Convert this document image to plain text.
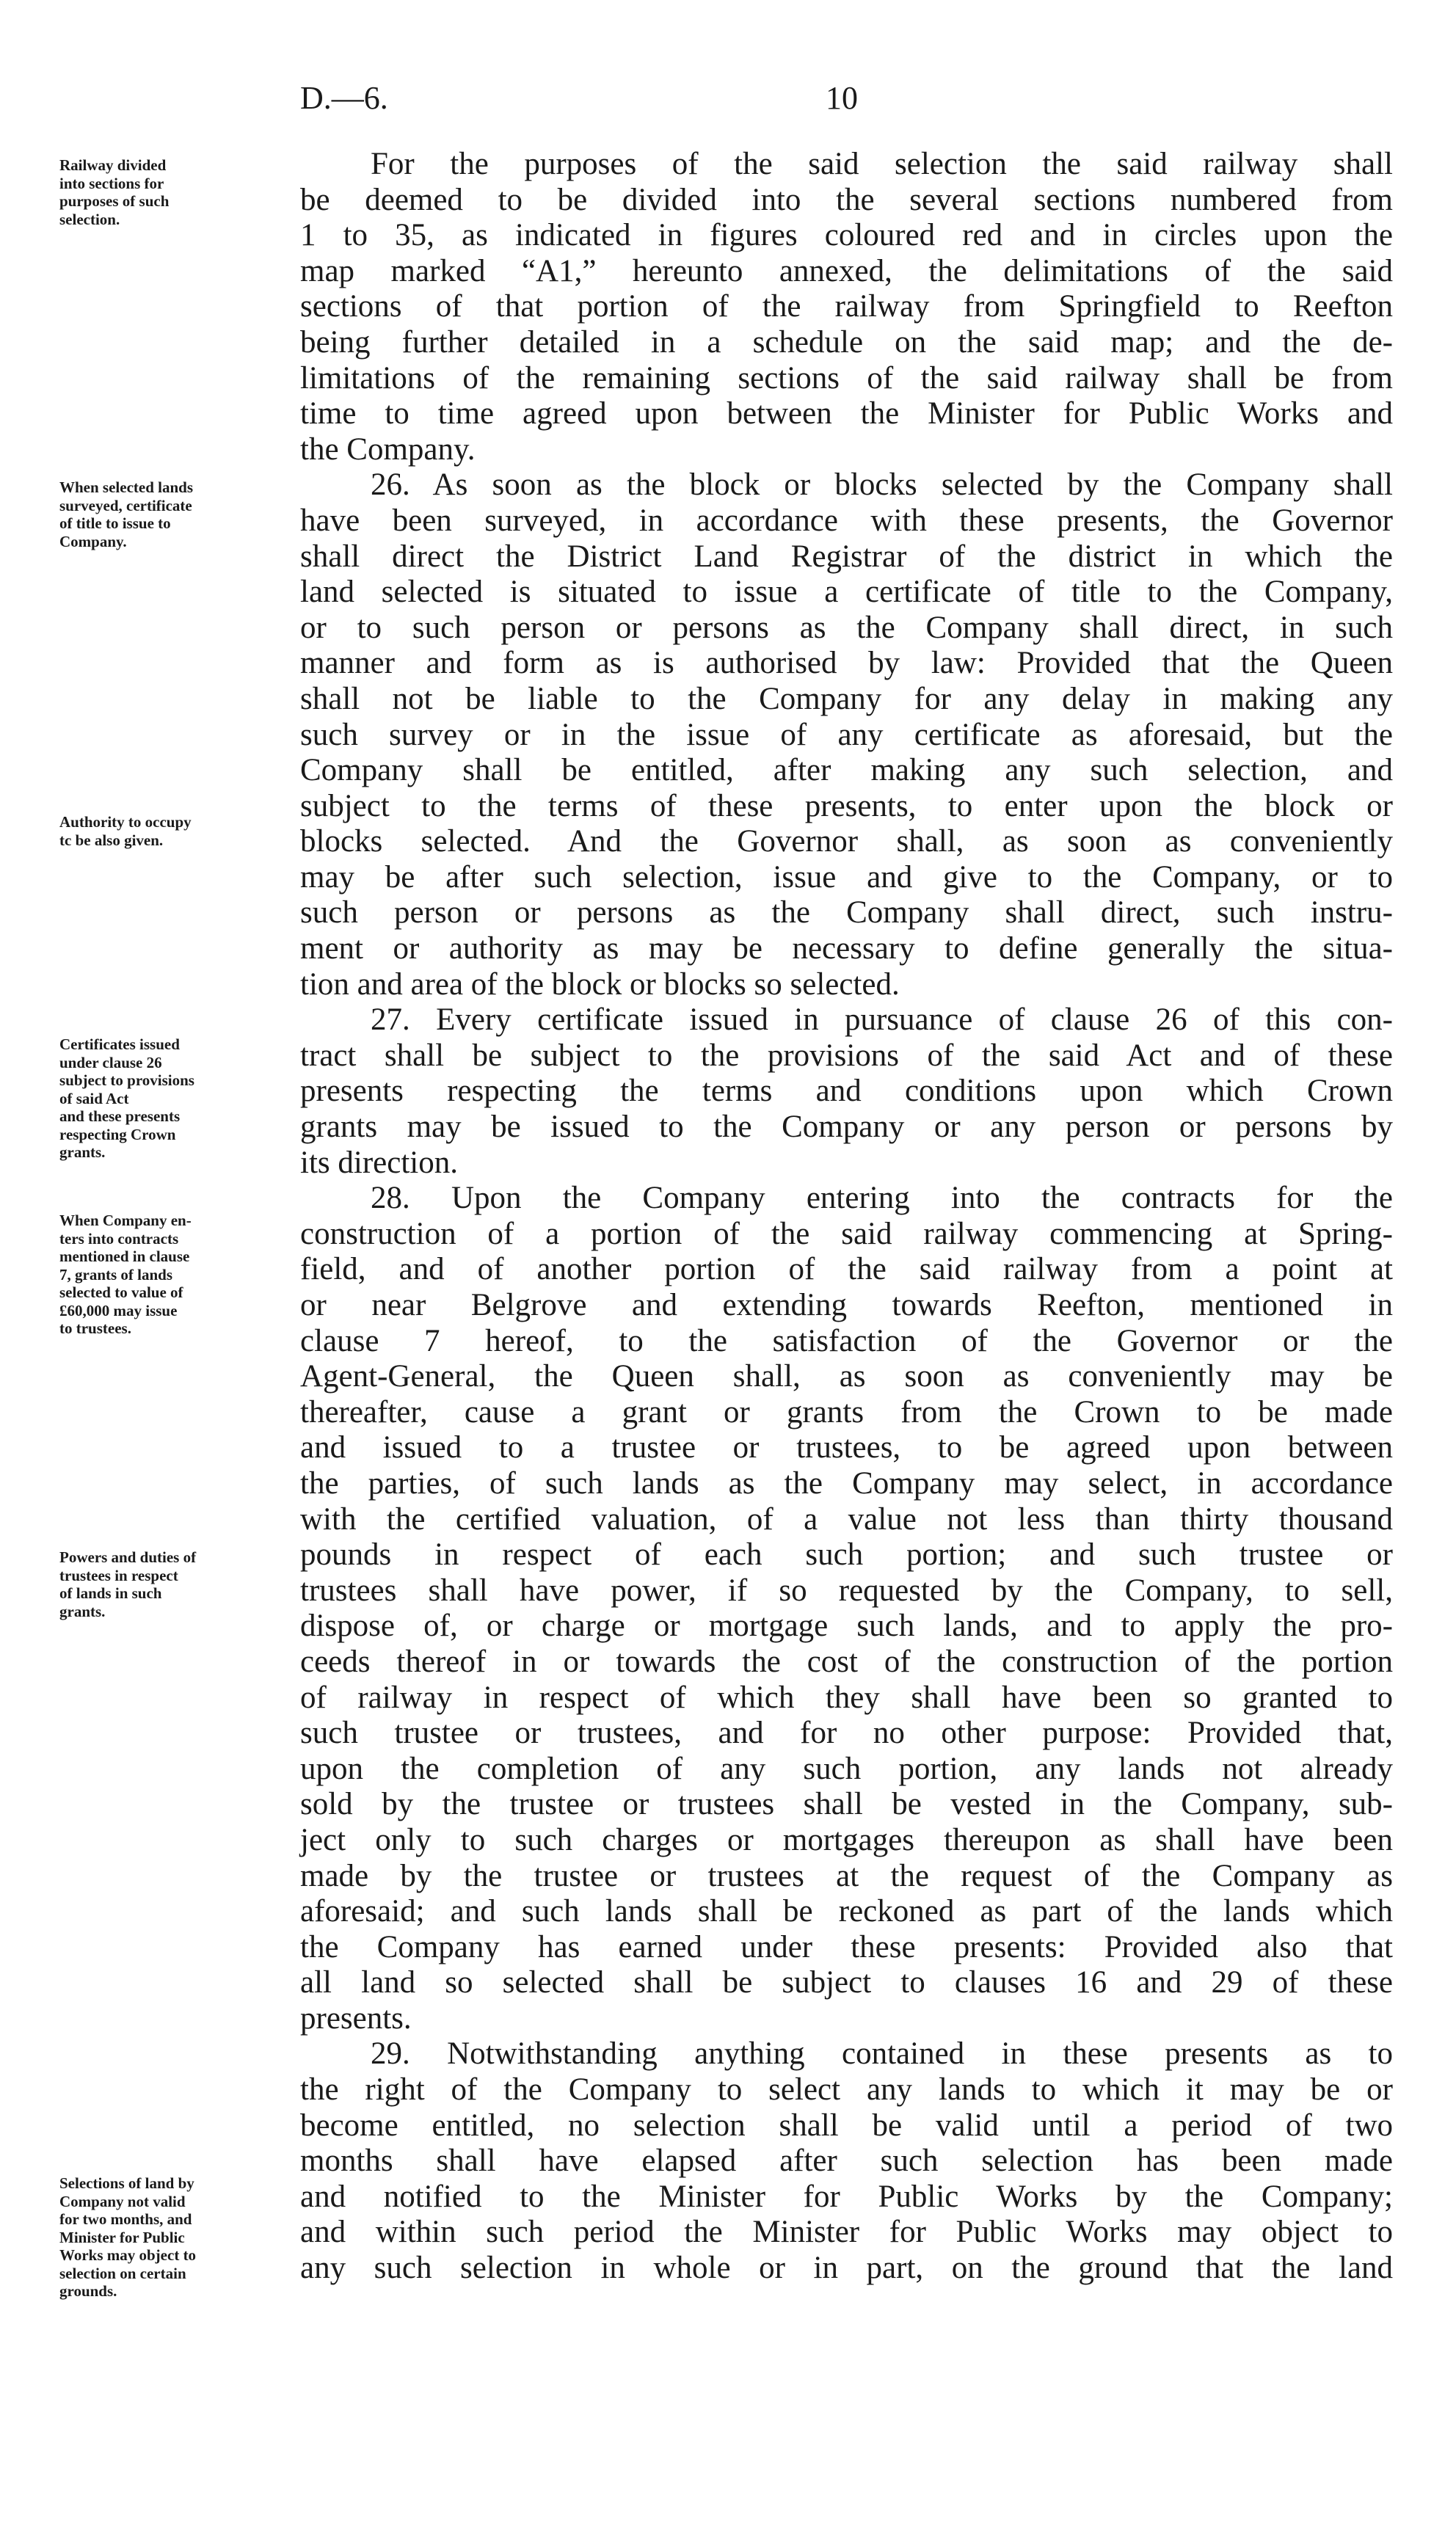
D.—6.	10
Railway divided
into sections for
purposes of such
selection.
When selected lands
surveyed, certificate
of title to issue to
Company.
Authority to occupy
tc be also given.
Certificates issued
under clause 26
subject to provisions
of said Act
and these presents
respecting Crown
grants.
When Company en-
ters into contracts
mentioned in clause
7, grants of lands
selected to value of
£60,000 may issue
to trustees.
Powers and duties of
trustees in respect
of lands in such
grants.
Selections of land by
Company not valid
for two months, and
Minister for Public
Works may object to
selection on certain
grounds.
For the purposes of the said selection the said railway shall
be deemed to be divided into the several sections numbered from
1 to 35, as indicated in figures coloured red and in circles upon the
map marked “A1,” hereunto annexed, the delimitations of the said
sections of that portion of the railway from Springfield to Reefton
being further detailed in a schedule on the said map; and the de-
limitations of the remaining sections of the said railway shall be from
time to time agreed upon between the Minister for Public Works and
the Company.
26. As soon as the block or blocks selected by the Company shall
have been surveyed, in accordance with these presents, the Governor
shall direct the District Land Registrar of the district in which the
land selected is situated to issue a certificate of title to the Company,
or to such person or persons as the Company shall direct, in such
manner and form as is authorised by law: Provided that the Queen
shall not be liable to the Company for any delay in making any
such survey or in the issue of any certificate as aforesaid, but the
Company shall be entitled, after making any such selection, and
subject to the terms of these presents, to enter upon the block or
blocks selected. And the Governor shall, as soon as conveniently
may be after such selection, issue and give to the Company, or to
such person or persons as the Company shall direct, such instru-
ment or authority as may be necessary to define generally the situa-
tion and area of the block or blocks so selected.
27. Every certificate issued in pursuance of clause 26 of this con-
tract shall be subject to the provisions of the said Act and of these
presents respecting the terms and conditions upon which Crown
grants may be issued to the Company or any person or persons by
its direction.
28. Upon the Company entering into the contracts for the
construction of a portion of the said railway commencing at Spring-
field, and of another portion of the said railway from a point at
or near Belgrove and extending towards Reefton, mentioned in
clause 7 hereof, to the satisfaction of the Governor or the
Agent-General, the Queen shall, as soon as conveniently may be
thereafter, cause a grant or grants from the Crown to be made
and issued to a trustee or trustees, to be agreed upon between
the parties, of such lands as the Company may select, in accordance
with the certified valuation, of a value not less than thirty thousand
pounds in respect of each such portion; and such trustee or
trustees shall have power, if so requested by the Company, to sell,
dispose of, or charge or mortgage such lands, and to apply the pro-
ceeds thereof in or towards the cost of the construction of the portion
of railway in respect of which they shall have been so granted to
such trustee or trustees, and for no other purpose: Provided that,
upon the completion of any such portion, any lands not already
sold by the trustee or trustees shall be vested in the Company, sub-
ject only to such charges or mortgages thereupon as shall have been
made by the trustee or trustees at the request of the Company as
aforesaid; and such lands shall be reckoned as part of the lands which
the Company has earned under these presents: Provided also that
all land so selected shall be subject to clauses 16 and 29 of these
presents.
29. Notwithstanding anything contained in these presents as to
the right of the Company to select any lands to which it may be or
become entitled, no selection shall be valid until a period of two
months shall have elapsed after such selection has been made
and notified to the Minister for Public Works by the Company;
and within such period the Minister for Public Works may object to
any such selection in whole or in part, on the ground that the land
